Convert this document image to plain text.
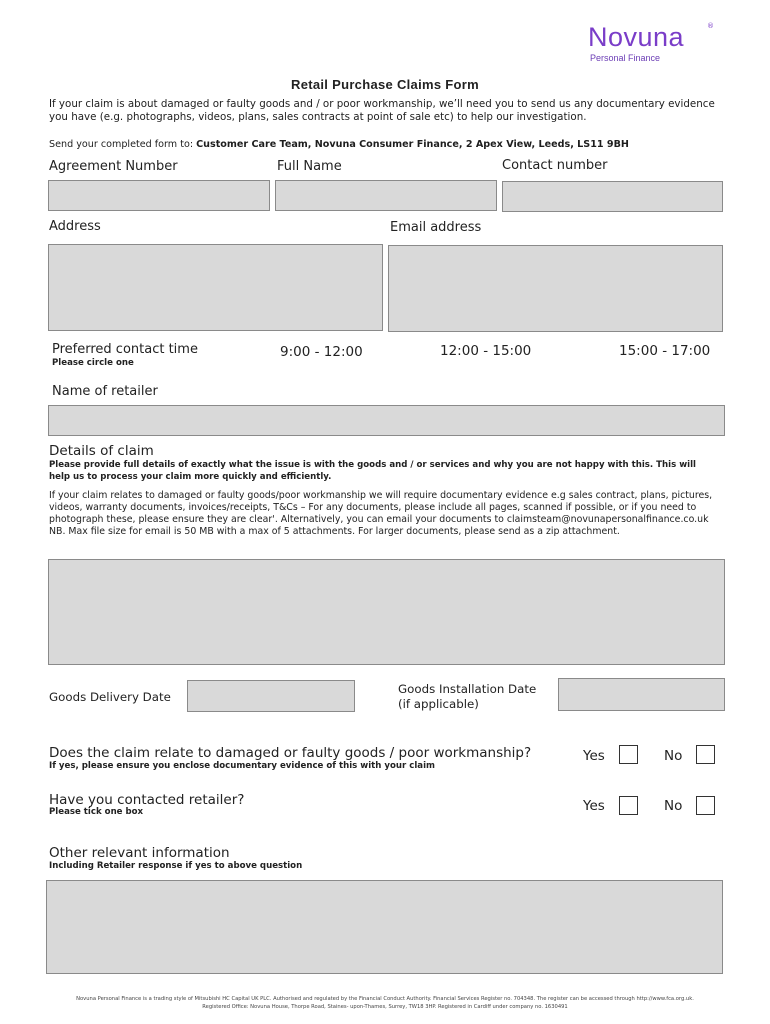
Novuna	®
Personal Finance
Retail Purchase Claims Form
If your claim is about damaged or faulty goods and / or poor workmanship, we’ll need you to send us any documentary evidence you have (e.g. photographs, videos, plans, sales contracts at point of sale etc) to help our investigation.
Send your completed form to: Customer Care Team, Novuna Consumer Finance, 2 Apex View, Leeds, LS11 9BH
Agreement Number	Full Name	Contact number
Address	Email address
Preferred contact time
Please circle one
9:00 - 12:00	12:00 - 15:00	15:00 - 17:00
Name of retailer
Details of claim
Please provide full details of exactly what the issue is with the goods and / or services and why you are not happy with this. This will help us to process your claim more quickly and efficiently.
If your claim relates to damaged or faulty goods/poor workmanship we will require documentary evidence e.g sales contract, plans, pictures, videos, warranty documents, invoices/receipts, T&Cs – For any documents, please include all pages, scanned if possible, or if you need to photograph these, please ensure they are clear'. Alternatively, you can email your documents to claimsteam@novunapersonalfinance.co.uk NB. Max file size for email is 50 MB with a max of 5 attachments. For larger documents, please send as a zip attachment.
Goods Delivery Date
Goods Installation Date
(if applicable)
Does the claim relate to damaged or faulty goods / poor workmanship?
If yes, please ensure you enclose documentary evidence of this with your claim
Yes	No
Have you contacted retailer?
Please tick one box	Yes	No
Other relevant information
Including Retailer response if yes to above question
Novuna Personal Finance is a trading style of Mitsubishi HC Capital UK PLC. Authorised and regulated by the Financial Conduct Authority. Financial Services Register no. 704348. The register can be accessed through http://www.fca.org.uk.
Registered Office: Novuna House, Thorpe Road, Staines- upon-Thames, Surrey, TW18 3HP. Registered in Cardiff under company no. 1630491
